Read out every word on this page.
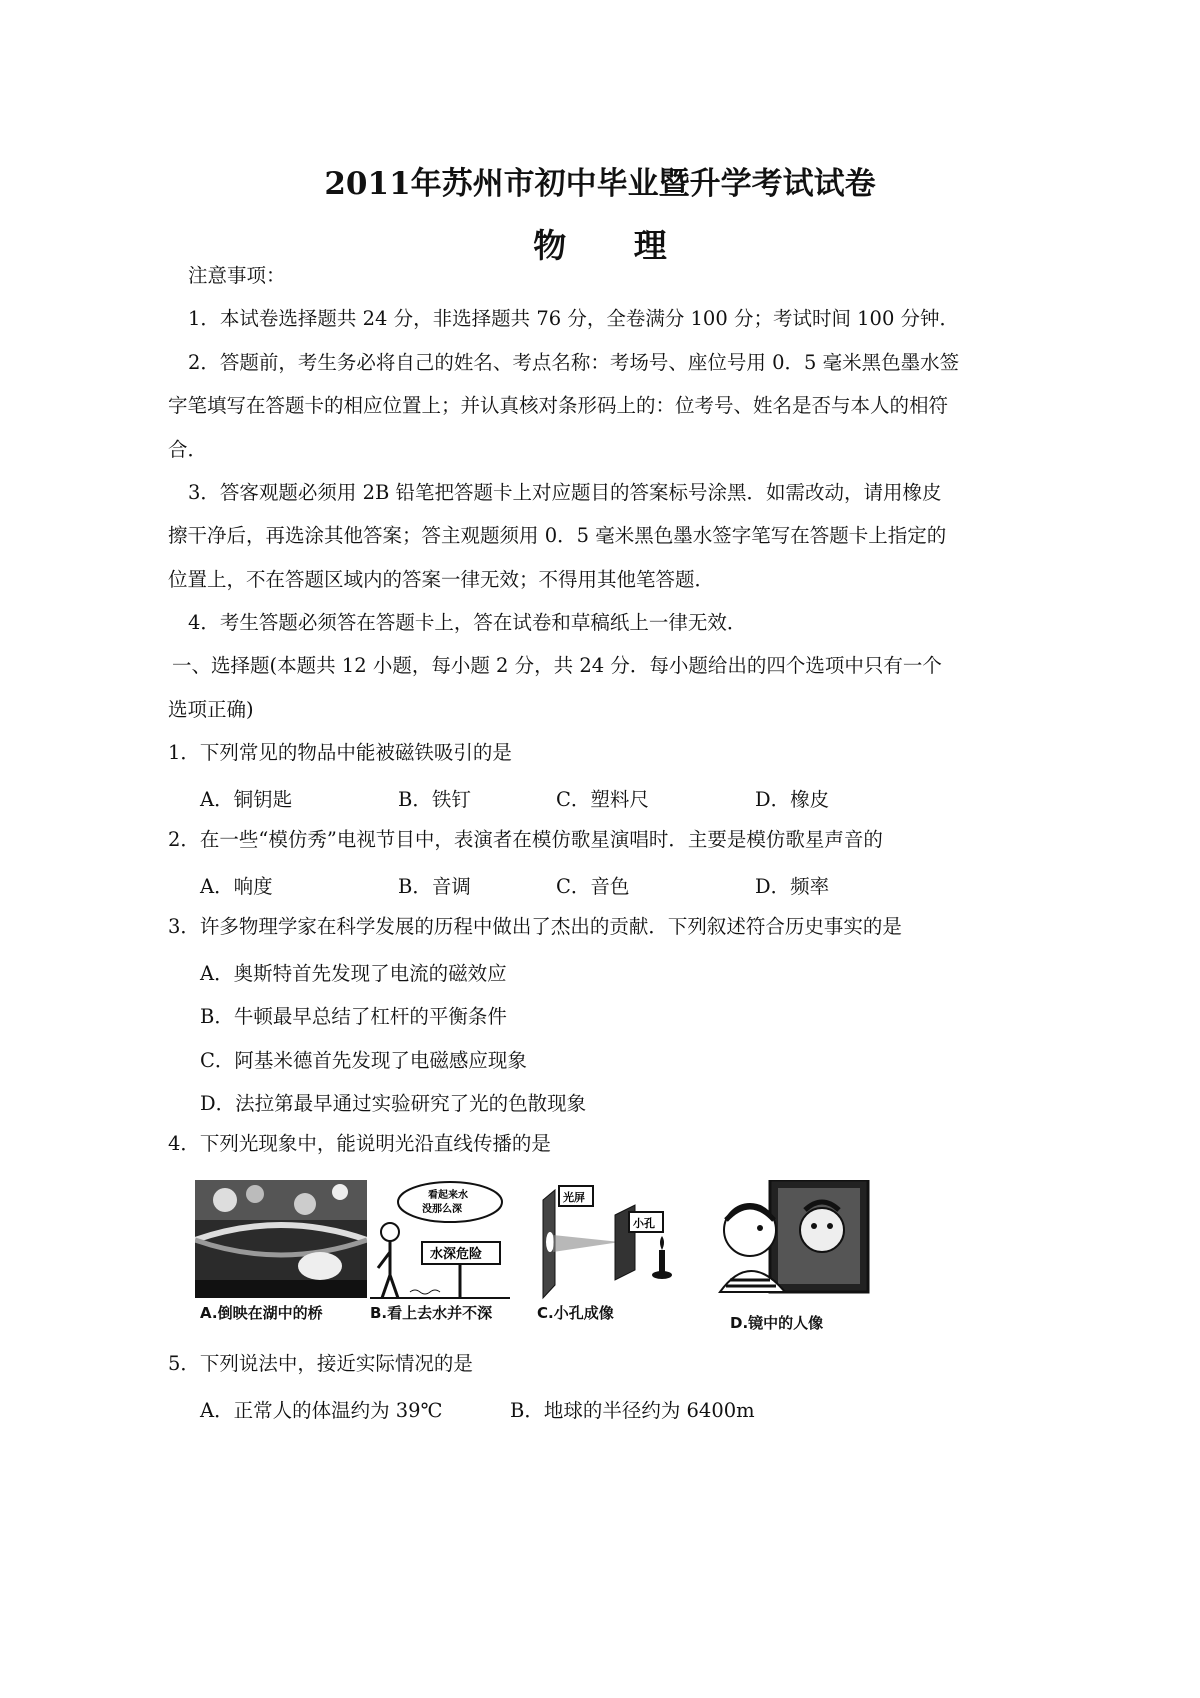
2011年苏州市初中毕业暨升学考试试卷
物 理
注意事项：
1．本试卷选择题共 24 分，非选择题共 76 分，全卷满分 100 分；考试时间 100 分钟．
2．答题前，考生务必将自己的姓名、考点名称：考场号、座位号用 0．5 毫米黑色墨水签
字笔填写在答题卡的相应位置上；并认真核对条形码上的：位考号、姓名是否与本人的相符
合．
3．答客观题必须用 2B 铅笔把答题卡上对应题目的答案标号涂黑．如需改动，请用橡皮
擦干净后，再选涂其他答案；答主观题须用 0．5 毫米黑色墨水签字笔写在答题卡上指定的
位置上，不在答题区域内的答案一律无效；不得用其他笔答题．
4．考生答题必须答在答题卡上，答在试卷和草稿纸上一律无效．
一、选择题(本题共 12 小题，每小题 2 分，共 24 分．每小题给出的四个选项中只有一个
选项正确)
1．下列常见的物品中能被磁铁吸引的是
A．铜钥匙	B．铁钉	C．塑料尺	D．橡皮
2．在一些“模仿秀”电视节目中，表演者在模仿歌星演唱时．主要是模仿歌星声音的
A．响度	B．音调	C．音色	D．频率
3．许多物理学家在科学发展的历程中做出了杰出的贡献．下列叙述符合历史事实的是
A．奥斯特首先发现了电流的磁效应
B．牛顿最早总结了杠杆的平衡条件
C．阿基米德首先发现了电磁感应现象
D．法拉第最早通过实验研究了光的色散现象
4．下列光现象中，能说明光沿直线传播的是
A.倒映在湖中的桥
看起来水
没那么深
水深危险
B.看上去水并不深
光屏
小孔
C.小孔成像
D.镜中的人像
5．下列说法中，接近实际情况的是
A．正常人的体温约为 39℃	B．地球的半径约为 6400m
